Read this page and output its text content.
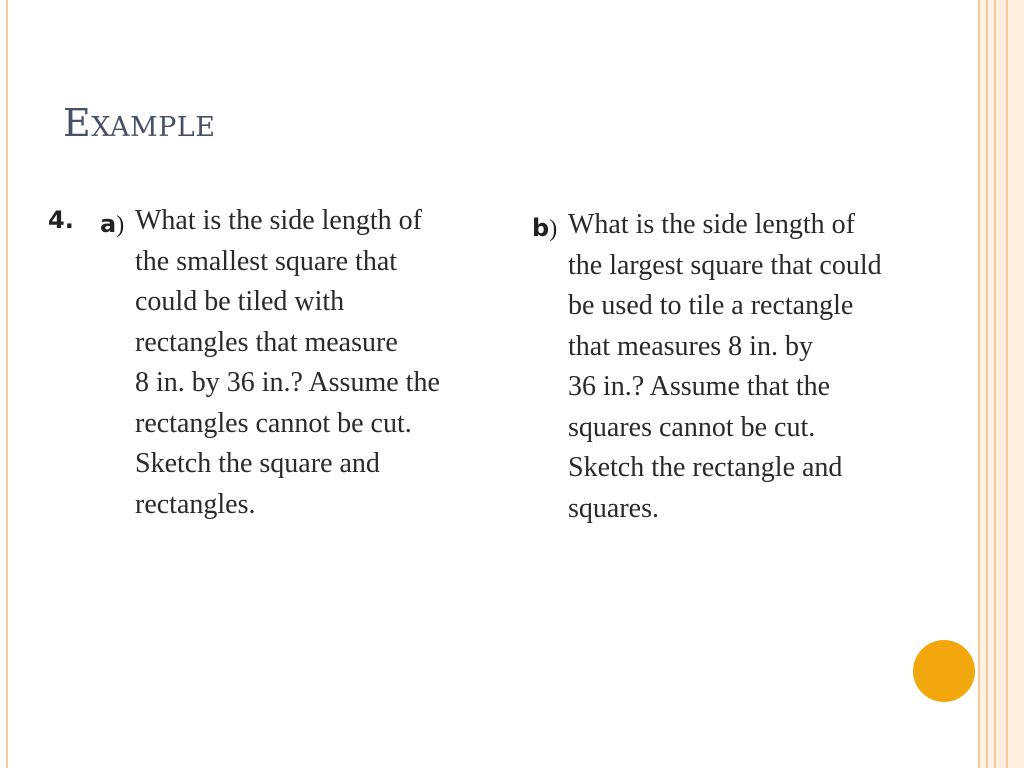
Example
4. a) What is the side length of
the smallest square that
could be tiled with
rectangles that measure
8 in. by 36 in.? Assume the
rectangles cannot be cut.
Sketch the square and
rectangles.
b) What is the side length of
the largest square that could
be used to tile a rectangle
that measures 8 in. by
36 in.? Assume that the
squares cannot be cut.
Sketch the rectangle and
squares.
